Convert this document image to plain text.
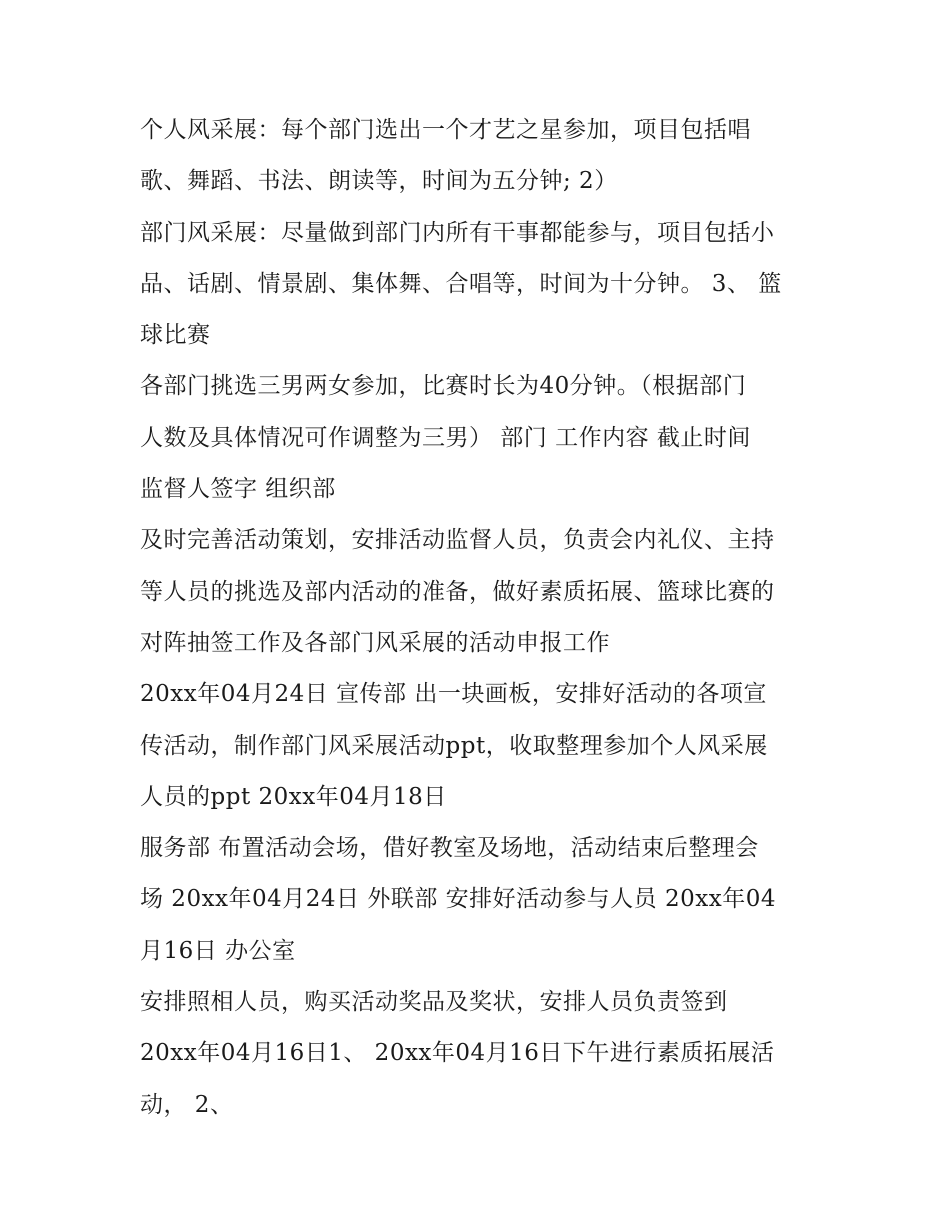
个人风采展：每个部门选出一个才艺之星参加，项目包括唱
歌、舞蹈、书法、朗读等，时间为五分钟; 2）
部门风采展：尽量做到部门内所有干事都能参与，项目包括小
品、话剧、情景剧、集体舞、合唱等，时间为十分钟。 3、 篮
球比赛
各部门挑选三男两女参加，比赛时长为40分钟。（根据部门
人数及具体情况可作调整为三男） 部门 工作内容 截止时间
监督人签字 组织部
及时完善活动策划，安排活动监督人员，负责会内礼仪、主持
等人员的挑选及部内活动的准备，做好素质拓展、篮球比赛的
对阵抽签工作及各部门风采展的活动申报工作
20xx年04月24日 宣传部 出一块画板，安排好活动的各项宣
传活动，制作部门风采展活动ppt，收取整理参加个人风采展
人员的ppt 20xx年04月18日
服务部 布置活动会场，借好教室及场地，活动结束后整理会
场 20xx年04月24日 外联部 安排好活动参与人员 20xx年04
月16日 办公室
安排照相人员，购买活动奖品及奖状，安排人员负责签到
20xx年04月16日1、 20xx年04月16日下午进行素质拓展活
动， 2、
